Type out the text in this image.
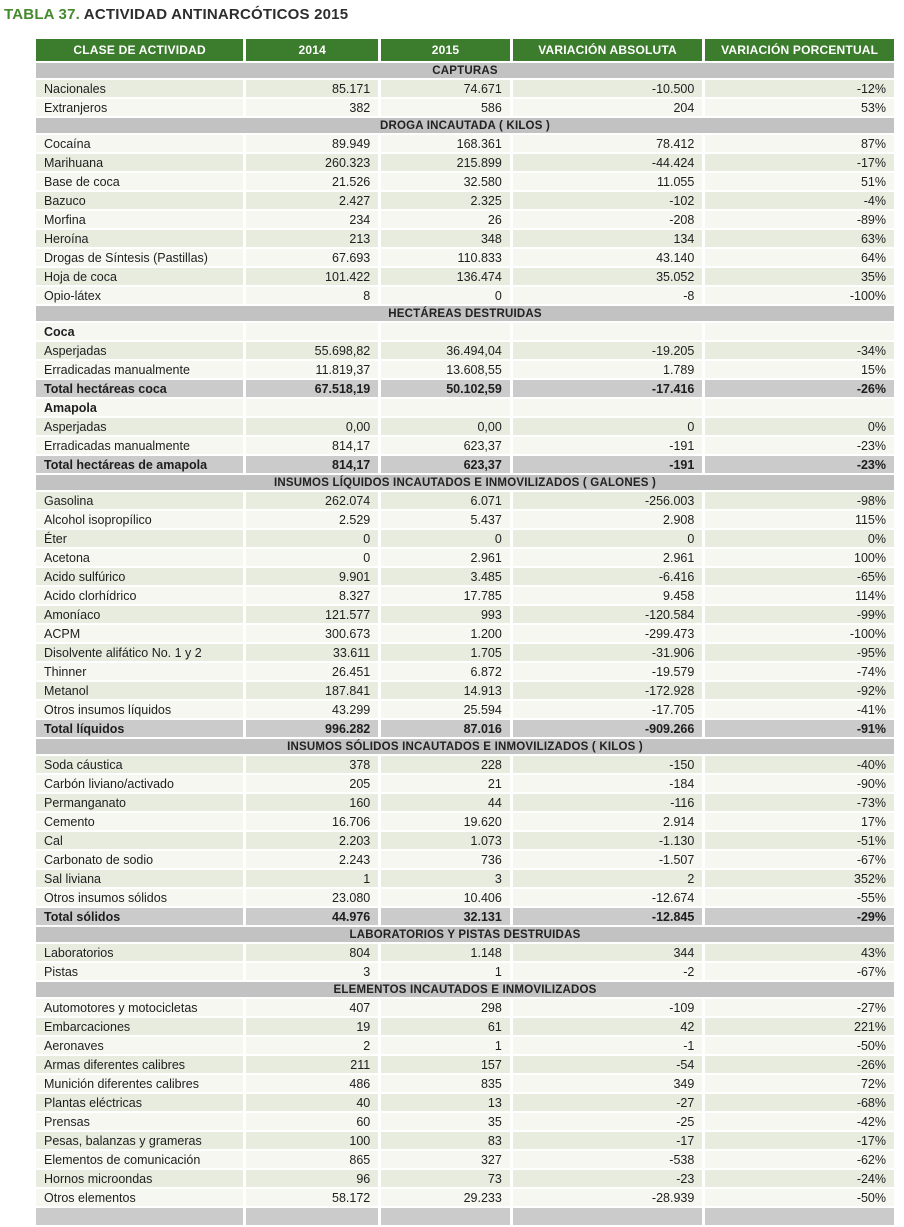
TABLA 37. ACTIVIDAD ANTINARCÓTICOS 2015
CLASE DE ACTIVIDAD	2014	2015	VARIACIÓN ABSOLUTA	VARIACIÓN PORCENTUAL
CAPTURAS				
Nacionales	85.171	74.671	-10.500	-12%
Extranjeros	382	586	204	53%
DROGA INCAUTADA ( KILOS )				
Cocaína	89.949	168.361	78.412	87%
Marihuana	260.323	215.899	-44.424	-17%
Base de coca	21.526	32.580	11.055	51%
Bazuco	2.427	2.325	-102	-4%
Morfina	234	26	-208	-89%
Heroína	213	348	134	63%
Drogas de Síntesis (Pastillas)	67.693	110.833	43.140	64%
Hoja de coca	101.422	136.474	35.052	35%
Opio-látex	8	0	-8	-100%
HECTÁREAS DESTRUIDAS				
Coca				
Asperjadas	55.698,82	36.494,04	-19.205	-34%
Erradicadas manualmente	11.819,37	13.608,55	1.789	15%
Total hectáreas coca	67.518,19	50.102,59	-17.416	-26%
Amapola				
Asperjadas	0,00	0,00	0	0%
Erradicadas manualmente	814,17	623,37	-191	-23%
Total hectáreas de amapola	814,17	623,37	-191	-23%
INSUMOS LÍQUIDOS INCAUTADOS E INMOVILIZADOS ( GALONES )				
Gasolina	262.074	6.071	-256.003	-98%
Alcohol isopropílico	2.529	5.437	2.908	115%
Éter	0	0	0	0%
Acetona	0	2.961	2.961	100%
Acido sulfúrico	9.901	3.485	-6.416	-65%
Acido clorhídrico	8.327	17.785	9.458	114%
Amoníaco	121.577	993	-120.584	-99%
ACPM	300.673	1.200	-299.473	-100%
Disolvente alifático No. 1 y 2	33.611	1.705	-31.906	-95%
Thinner	26.451	6.872	-19.579	-74%
Metanol	187.841	14.913	-172.928	-92%
Otros insumos líquidos	43.299	25.594	-17.705	-41%
Total líquidos	996.282	87.016	-909.266	-91%
INSUMOS SÓLIDOS INCAUTADOS E INMOVILIZADOS ( KILOS )				
Soda cáustica	378	228	-150	-40%
Carbón liviano/activado	205	21	-184	-90%
Permanganato	160	44	-116	-73%
Cemento	16.706	19.620	2.914	17%
Cal	2.203	1.073	-1.130	-51%
Carbonato de sodio	2.243	736	-1.507	-67%
Sal liviana	1	3	2	352%
Otros insumos sólidos	23.080	10.406	-12.674	-55%
Total sólidos	44.976	32.131	-12.845	-29%
LABORATORIOS Y PISTAS DESTRUIDAS				
Laboratorios	804	1.148	344	43%
Pistas	3	1	-2	-67%
ELEMENTOS INCAUTADOS E INMOVILIZADOS				
Automotores y motocicletas	407	298	-109	-27%
Embarcaciones	19	61	42	221%
Aeronaves	2	1	-1	-50%
Armas diferentes calibres	211	157	-54	-26%
Munición diferentes calibres	486	835	349	72%
Plantas eléctricas	40	13	-27	-68%
Prensas	60	35	-25	-42%
Pesas, balanzas y grameras	100	83	-17	-17%
Elementos de comunicación	865	327	-538	-62%
Hornos microondas	96	73	-23	-24%
Otros elementos	58.172	29.233	-28.939	-50%
